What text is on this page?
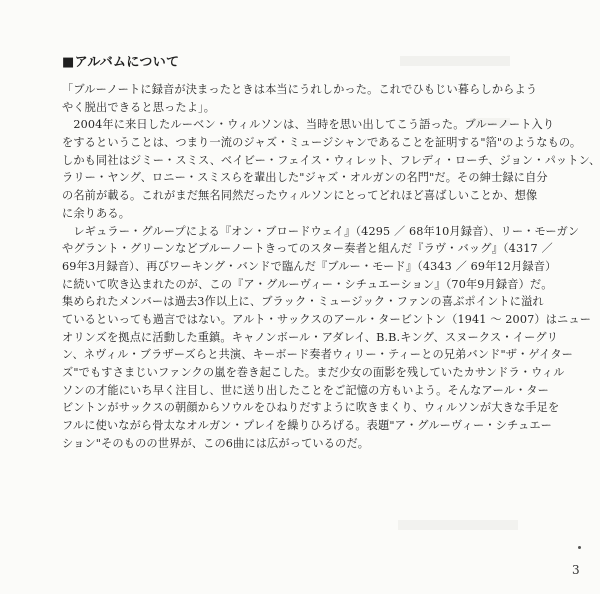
■アルバムについて
「ブルーノートに録音が決まったときは本当にうれしかった。これでひもじい暮らしからよう
やく脱出できると思ったよ」。
　2004年に来日したルーベン・ウィルソンは、当時を思い出してこう語った。ブルーノート入り
をするということは、つまり一流のジャズ・ミュージシャンであることを証明する"箔"のようなもの。
しかも同社はジミー・スミス、ベイビー・フェイス・ウィレット、フレディ・ローチ、ジョン・パットン、
ラリー・ヤング、ロニー・スミスらを輩出した"ジャズ・オルガンの名門"だ。その紳士録に自分
の名前が載る。これがまだ無名同然だったウィルソンにとってどれほど喜ばしいことか、想像
に余りある。
　レギュラー・グループによる『オン・ブロードウェイ』（4295 ／ 68年10月録音）、リー・モーガン
やグラント・グリーンなどブルーノートきってのスター奏者と組んだ『ラヴ・バッグ』（4317 ／
69年3月録音）、再びワーキング・バンドで臨んだ『ブルー・モード』（4343 ／ 69年12月録音）
に続いて吹き込まれたのが、この『ア・グルーヴィー・シチュエーション』（70年9月録音）だ。
集められたメンバーは過去3作以上に、ブラック・ミュージック・ファンの喜ぶポイントに溢れ
ているといっても過言ではない。アルト・サックスのアール・タービントン（1941 ～ 2007）はニュー
オリンズを拠点に活動した重鎮。キャノンボール・アダレイ、B.B.キング、スヌークス・イーグリ
ン、ネヴィル・ブラザーズらと共演、キーボード奏者ウィリー・ティーとの兄弟バンド"ザ・ゲイター
ズ"でもすさまじいファンクの嵐を巻き起こした。まだ少女の面影を残していたカサンドラ・ウィル
ソンの才能にいち早く注目し、世に送り出したことをご記憶の方もいよう。そんなアール・ター
ビントンがサックスの朝顔からソウルをひねりだすように吹きまくり、ウィルソンが大きな手足を
フルに使いながら骨太なオルガン・プレイを繰りひろげる。表題"ア・グルーヴィー・シチュエー
ション"そのものの世界が、この6曲には広がっているのだ。
3
